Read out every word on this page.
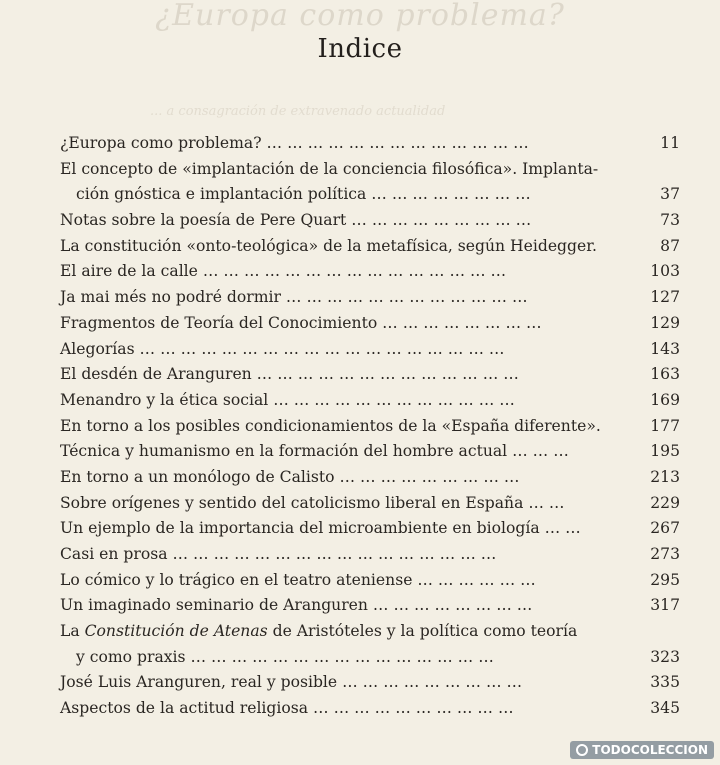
¿Europa como problema?
... a consagración de extravenado actualidad
Indice
¿Europa como problema? … … … … … … … … … … … … …	11
El concepto de «implantación de la conciencia filosófica». Implanta-
ción gnóstica e implantación política … … … … … … … …	37
Notas sobre la poesía de Pere Quart … … … … … … … … …	73
La constitución «onto-teológica» de la metafísica, según Heidegger.	87
El aire de la calle … … … … … … … … … … … … … … …	103
Ja mai més no podré dormir … … … … … … … … … … … …	127
Fragmentos de Teoría del Conocimiento … … … … … … … …	129
Alegorías … … … … … … … … … … … … … … … … … …	143
El desdén de Aranguren … … … … … … … … … … … … …	163
Menandro y la ética social … … … … … … … … … … … …	169
En torno a los posibles condicionamientos de la «España diferente».	177
Técnica y humanismo en la formación del hombre actual … … …	195
En torno a un monólogo de Calisto … … … … … … … … …	213
Sobre orígenes y sentido del catolicismo liberal en España … …	229
Un ejemplo de la importancia del microambiente en biología … …	267
Casi en prosa … … … … … … … … … … … … … … … …	273
Lo cómico y lo trágico en el teatro ateniense … … … … … …	295
Un imaginado seminario de Aranguren … … … … … … … …	317
La Constitución de Atenas de Aristóteles y la política como teoría
y como praxis … … … … … … … … … … … … … … …	323
José Luis Aranguren, real y posible … … … … … … … … …	335
Aspectos de la actitud religiosa … … … … … … … … … …	345
TODOCOLECCION
